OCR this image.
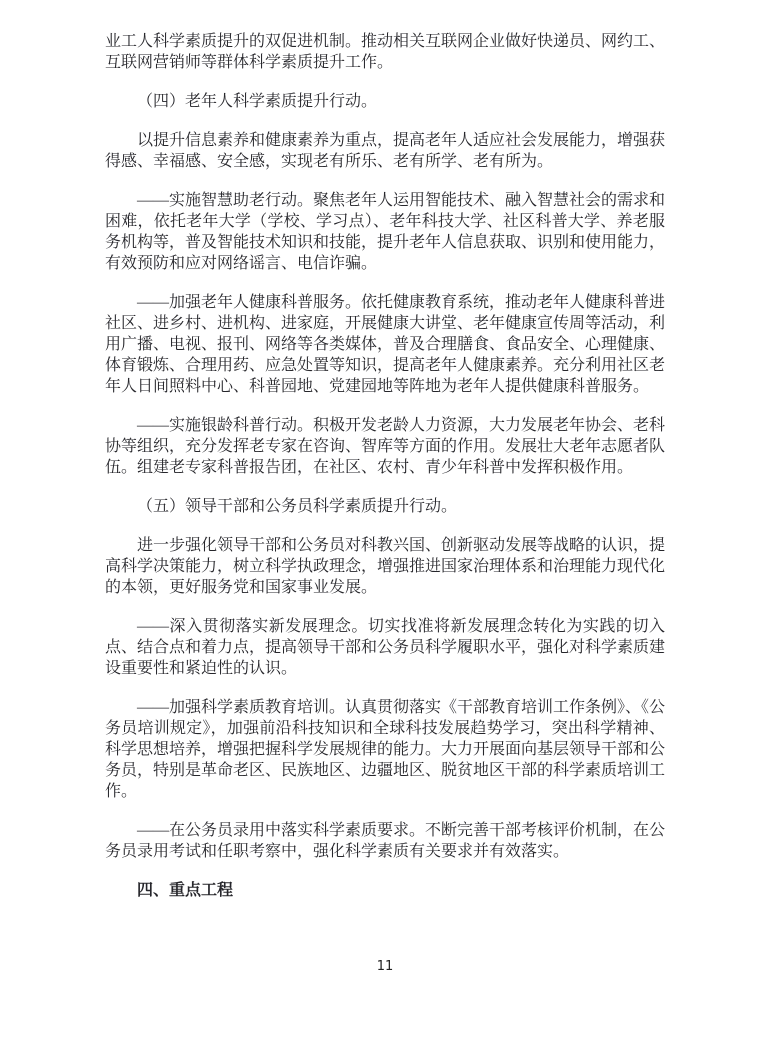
业工人科学素质提升的双促进机制。推动相关互联网企业做好快递员、网约工、互联网营销师等群体科学素质提升工作。

（四）老年人科学素质提升行动。

以提升信息素养和健康素养为重点，提高老年人适应社会发展能力，增强获得感、幸福感、安全感，实现老有所乐、老有所学、老有所为。

——实施智慧助老行动。聚焦老年人运用智能技术、融入智慧社会的需求和困难，依托老年大学（学校、学习点）、老年科技大学、社区科普大学、养老服务机构等，普及智能技术知识和技能，提升老年人信息获取、识别和使用能力，有效预防和应对网络谣言、电信诈骗。

——加强老年人健康科普服务。依托健康教育系统，推动老年人健康科普进社区、进乡村、进机构、进家庭，开展健康大讲堂、老年健康宣传周等活动，利用广播、电视、报刊、网络等各类媒体，普及合理膳食、食品安全、心理健康、体育锻炼、合理用药、应急处置等知识，提高老年人健康素养。充分利用社区老年人日间照料中心、科普园地、党建园地等阵地为老年人提供健康科普服务。

——实施银龄科普行动。积极开发老龄人力资源，大力发展老年协会、老科协等组织，充分发挥老专家在咨询、智库等方面的作用。发展壮大老年志愿者队伍。组建老专家科普报告团，在社区、农村、青少年科普中发挥积极作用。

（五）领导干部和公务员科学素质提升行动。

进一步强化领导干部和公务员对科教兴国、创新驱动发展等战略的认识，提高科学决策能力，树立科学执政理念，增强推进国家治理体系和治理能力现代化的本领，更好服务党和国家事业发展。

——深入贯彻落实新发展理念。切实找准将新发展理念转化为实践的切入点、结合点和着力点，提高领导干部和公务员科学履职水平，强化对科学素质建设重要性和紧迫性的认识。

——加强科学素质教育培训。认真贯彻落实《干部教育培训工作条例》、《公务员培训规定》，加强前沿科技知识和全球科技发展趋势学习，突出科学精神、科学思想培养，增强把握科学发展规律的能力。大力开展面向基层领导干部和公务员，特别是革命老区、民族地区、边疆地区、脱贫地区干部的科学素质培训工作。

——在公务员录用中落实科学素质要求。不断完善干部考核评价机制，在公务员录用考试和任职考察中，强化科学素质有关要求并有效落实。

四、重点工程

11
